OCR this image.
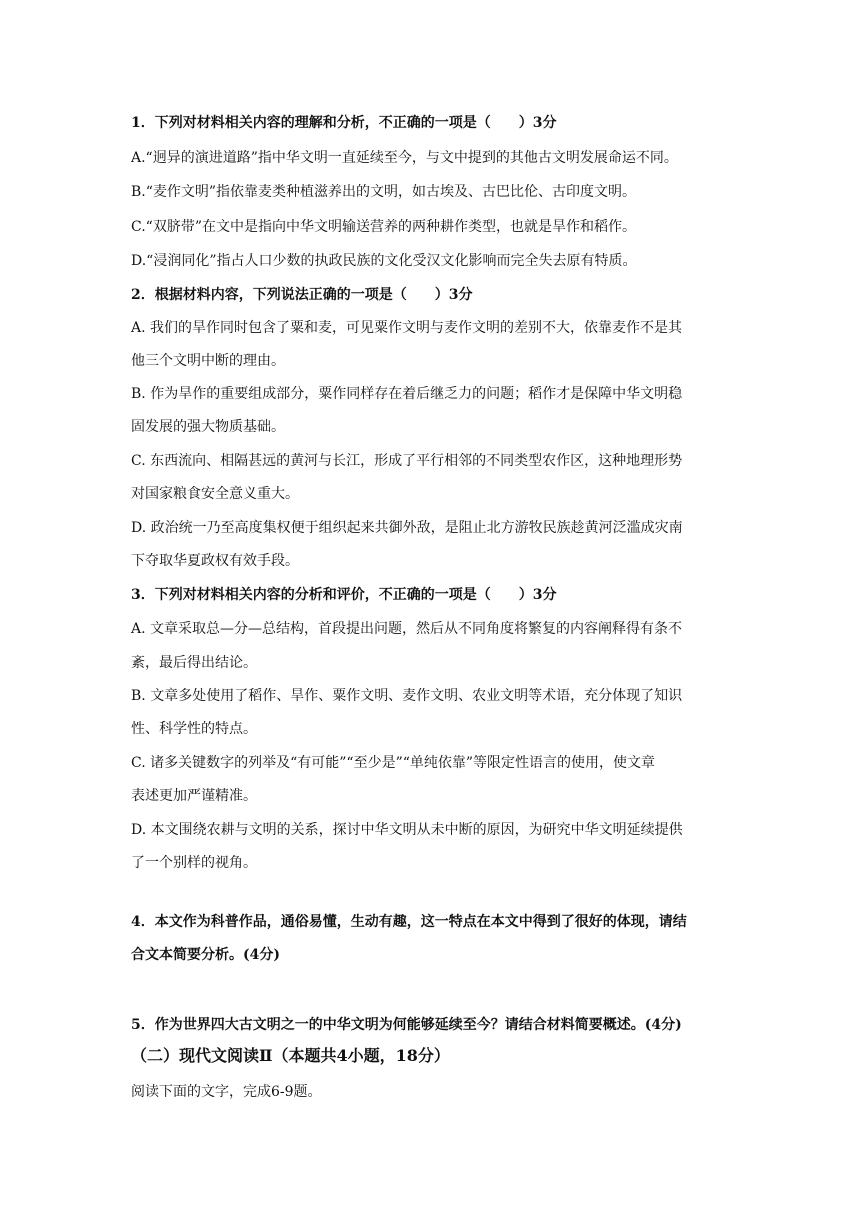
1．下列对材料相关内容的理解和分析，不正确的一项是（　　）3分
A.“迥异的演进道路”指中华文明一直延续至今，与文中提到的其他古文明发展命运不同。
B.“麦作文明”指依靠麦类种植滋养出的文明，如古埃及、古巴比伦、古印度文明。
C.“双脐带”在文中是指向中华文明输送营养的两种耕作类型，也就是旱作和稻作。
D.“浸润同化”指占人口少数的执政民族的文化受汉文化影响而完全失去原有特质。
2．根据材料内容，下列说法正确的一项是（　　）3分
A. 我们的旱作同时包含了粟和麦，可见粟作文明与麦作文明的差别不大，依靠麦作不是其
他三个文明中断的理由。
B. 作为旱作的重要组成部分，粟作同样存在着后继乏力的问题；稻作才是保障中华文明稳
固发展的强大物质基础。
C. 东西流向、相隔甚远的黄河与长江，形成了平行相邻的不同类型农作区，这种地理形势
对国家粮食安全意义重大。
D. 政治统一乃至高度集权便于组织起来共御外敌，是阻止北方游牧民族趁黄河泛滥成灾南
下夺取华夏政权有效手段。
3．下列对材料相关内容的分析和评价，不正确的一项是（　　）3分
A. 文章采取总—分—总结构，首段提出问题，然后从不同角度将繁复的内容阐释得有条不
紊，最后得出结论。
B. 文章多处使用了稻作、旱作、粟作文明、麦作文明、农业文明等术语，充分体现了知识
性、科学性的特点。
C. 诸多关键数字的列举及“有可能”“至少是”“单纯依靠”等限定性语言的使用，使文章
表述更加严谨精准。
D. 本文围绕农耕与文明的关系，探讨中华文明从未中断的原因，为研究中华文明延续提供
了一个别样的视角。
4．本文作为科普作品，通俗易懂，生动有趣，这一特点在本文中得到了很好的体现，请结
合文本简要分析。(4分)
5．作为世界四大古文明之一的中华文明为何能够延续至今？请结合材料简要概述。(4分)
（二）现代文阅读Ⅱ（本题共4小题，18分）
阅读下面的文字，完成6-9题。
